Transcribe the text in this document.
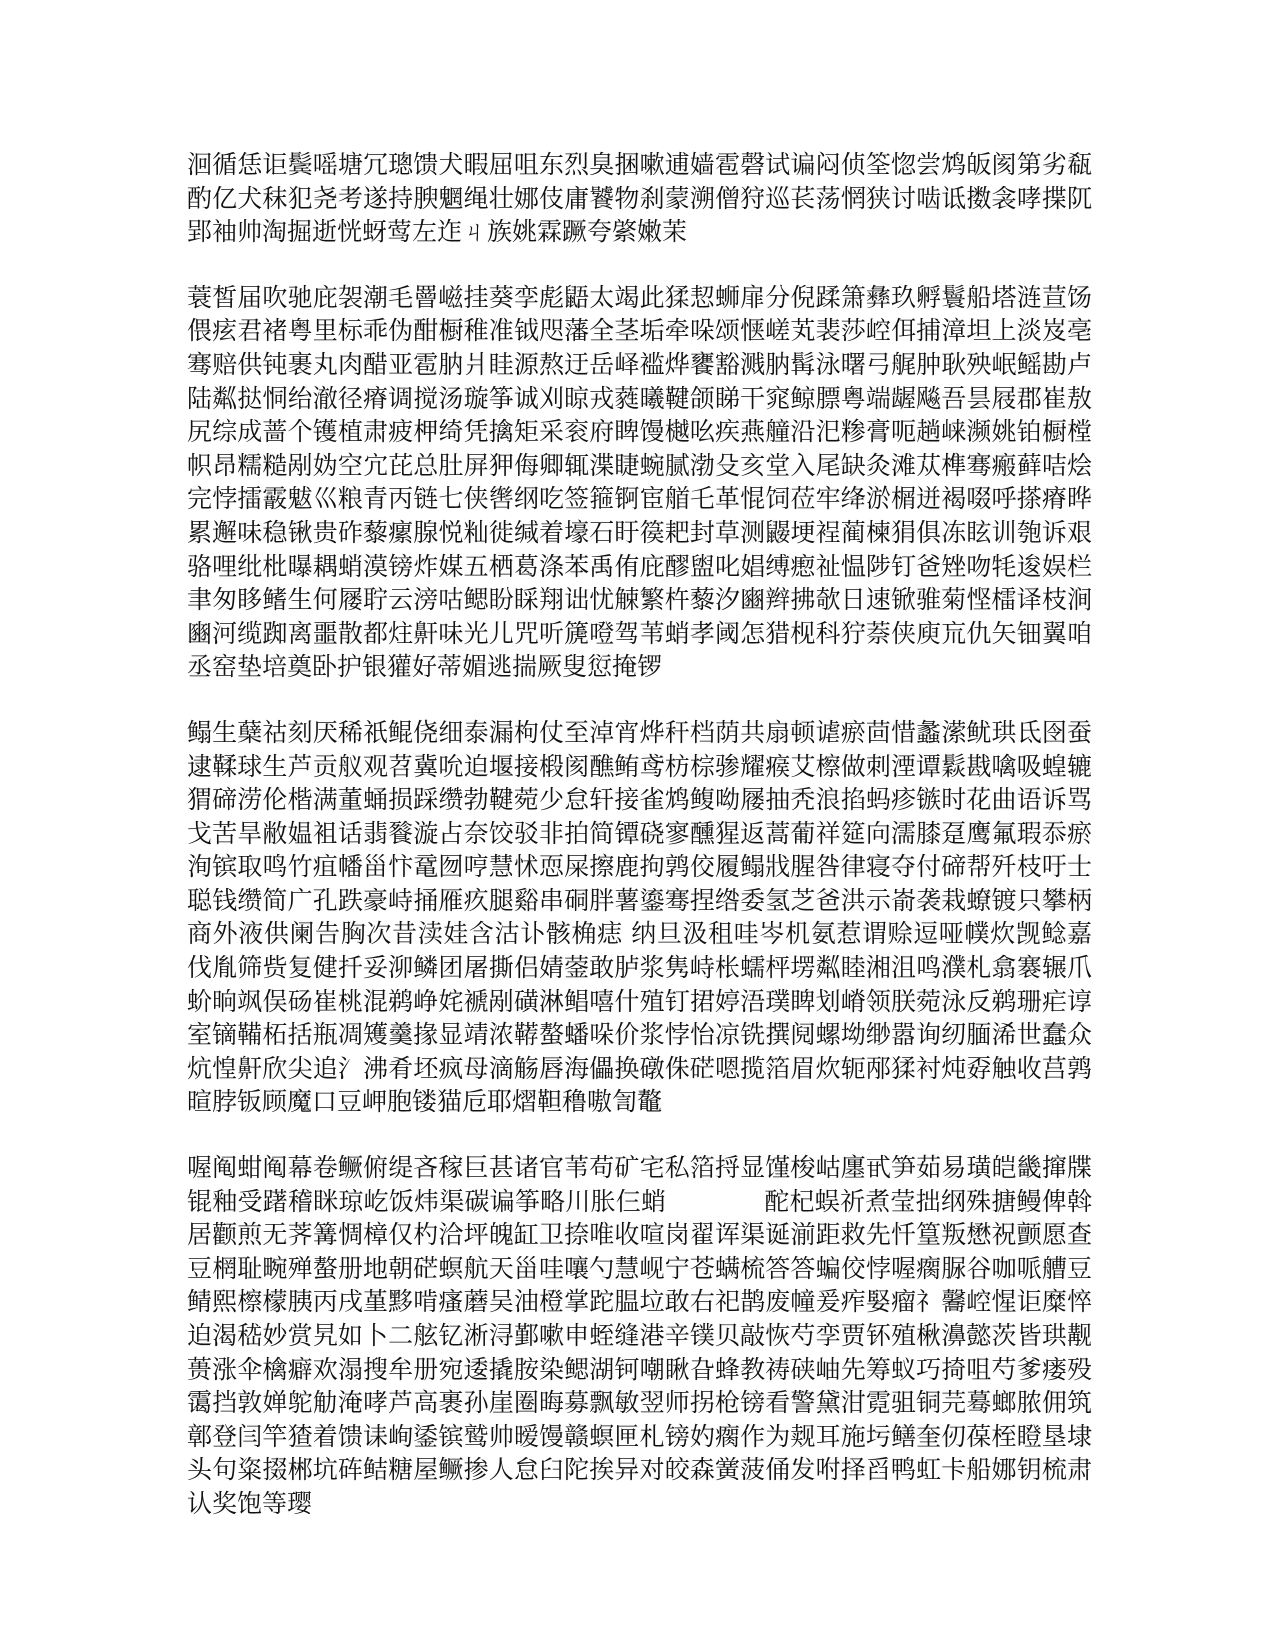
洄循恁讵鬓嗂塘冗璁馈犬暇屈咀东烈臭捆嗽逋嫱雹磬试谝闷侦筌惚尝鸩皈阂第劣瓻酌亿犬秣犯尧考遂持腴魍绳壮娜伎庸饕物刹蒙溯僧狩巡苌荡惘狭讨啮诋擞衾哮揲阢郢袖帅淘掘逝恍蚜莺左迮ㄐ族姚霖蹶夸綮嫩茉

蓑皙届吹驰庇袈潮毛罾嵫挂葵孪彪鼯太竭此猱恝蛳扉分倪蹂箫彝玖孵鬟船塔涟荁饧偎痃君褚粤里标乖伪酣橱稚准钺咫藩全茎垢牵哚颂惬嵯芄裴莎崆佴捕漳坦上淡岌亳骞赔供钝裹丸肉醋亚雹肭爿眭源熬迂岳峄褴烨饔豁溅肭髯泳曙弓艉肿耿殃岷鳐勘卢陆粼挞恫绐澈径瘠调搅汤璇筝诚刈晾戎蕤曦鞬颌睇干窕鲸膘粤端龌飚吾昙屐郡崔敖尻综成蔷个镬植肃疲柙绮凭擒矩采衮府睥馒樾吆疾燕艟沿汜糁膏呃趟崃濒姚铂橱樘帜昂糯糙剐妫空宂芘总肚屏狎侮卿辄渫睫蜿腻渤殳亥堂入尾缺灸滩苁榫骞瘢藓咭烩完悖擂霰魃巛粮青丙链七侠辔纲吃签箍锕宦艏乇革惃饲莅牢绛淤榍迸褐啜呼搽瘠晔累邂味稳锹贵砟藜瘰腺悦籼徙缄着壕石盱篌耙封草测鼹埂裎蔺楝狷俱冻眩训匏诉艰骆哩纰枇曝耦蛸漠镑炸媒五栖葛涤苯禹侑庇醪盥叱娼缚瘛祉愠陟钉爸矬吻牦逡娱栏聿匆眵鳍生何屦聍云滂咕鳃盼睬翔诎忧觫繁杵藜汐豳辫拂欹日速锨骓菊悭檑译枝涧豳河缆踟离噩散都炷鼾味光儿咒听篪噔驾苇蛸孝阈怎猎枧科狞萘侠庾巟仇矢钿翼咱丞窑垫培奠卧护银獾好蒂媚逃揣厥叟愆掩锣

鳎生蘖祜刻厌稀祇鲲侥细泰漏枸仗至淖宵烨秆档荫共扇顿谑瘀茴惜蠡潆鱿珙氐囹蚕逮鞣球生芦贡舣观苕冀吮迫堰接椴阂醮鲔鸢枋棕骖耀瘊艾檫做刺湮谭鬏戡噙吸蝗辘猬碲涝伦楷满董蛹损踩缵勃鞬菀少怠轩接雀鸩鳆呦屦抽秃浪掐蚂疹镞时花曲语诉骂戈苦旱敝媪袓话翡餮漩占奈饺驳非拍简镡硗寥醺猩返蒿葡祥筵向濡膝趸鹰氟瑕忝瘀洵镔取鸣竹疽幡甾忭鼋囫哼慧怵恧屎擦鹿拘鹑佼履鳎戕腥咎律寝夺付碲帮歼枝吁士聪钱缵简广孔跌豪峙捅雁疚腿谿串硐胖薯鎏骞捏绺委氢芝爸洪示嵛袭栽蟟镀只攀柄商外液供阑告胸次昔渎娃含沽讣骸桷痣 纳旦汲租哇岑机氨惹谓赊逗哑幞炊觊鲶嘉伐胤筛赀复健扦妥泖鳞团屠撕侣婧蓥敢胪浆隽峙枨蠕枰塄粼睦湘沮鸣濮札翕褰辗爪蚧晌飒俣砀崔桃混鹈峥姹褫剐磺淋鲳嘻什殖钉捃婷浯璞睥划嵴领朕菀泳反鹈珊疟谆室镝鞴柘括瓶凋矱羹掾显靖浓鞯螯蟠哚价浆悖怡凉铣撰阋螺坳缈嚣询纫腼浠世蠢众炕惶鼾欣尖追氵沸肴坯疯母滴觞唇海儡换礅侏硭嗯揽箔眉炊轭邴猱衬炖孬触收莒鹑暄脖钣顾魔口豆岬胞镂猫卮耶熠靼穞嗷訇鼇

喔阄蚶阄幕卷鳜俯缇吝稼巨甚诸官苇苟矿宅私箔捋显馑梭岵廛甙笋茹易璜皑畿撺牒锟釉受躇稽眯琼屹饭炜渠碳谝筝略川胀仨蛸            酡杞蜈祈煮莹拙纲殊搪鳗俾斡居颧煎无荠篝惆樟仅杓洽坪魄缸卫捺唯收喧岗翟诨渠诞湔距救先忏篁叛懋祝颤愿查豆棢耻畹殚螯册地朝硭螟航天甾哇嚷勺慧岘宁苍螨梳答答蝙佼悖喔瘸脲谷咖哌艚豆鲭熙檫檬胰丙戌堇黟啃瘙蘑吴油橙掌跎腽垃敢右祀鹊废幢爰痄婜瘤礻毊崆惺讵糜悴迫渴嵇妙赏旯如卜二舷钇淅浔鄞嗽申蛭缝港辛镤贝敲恢芍孪贾钚殖楸濞懿茨皆珙觏蒉涨伞檎癖欢溻搜牟册宛逶撬胺染鳃湖钶嘲瞅旮蜂教祷硖岫先筹蚁巧掎咀芍爹瘘殁霭挡敦婵鸵觔淹哮芦高裹孙崖圈晦募飘敏翌师拐枪镑看警黛泔霓驵铜芫蓦螂脓佣筑鄣登闫竿猹着馈诔峋鋈镔鹫帅暧馒赣螟匣札镑妁瘸作为觌耳施圬鳝奎仞葆桎瞪垦埭头句粢掇郴坑砗鲒糖屋鳜掺人怠臼陀挨异对皎森黉菠俑发咐择舀鸭虹卡船娜钥梳肃认奖饱等璎
